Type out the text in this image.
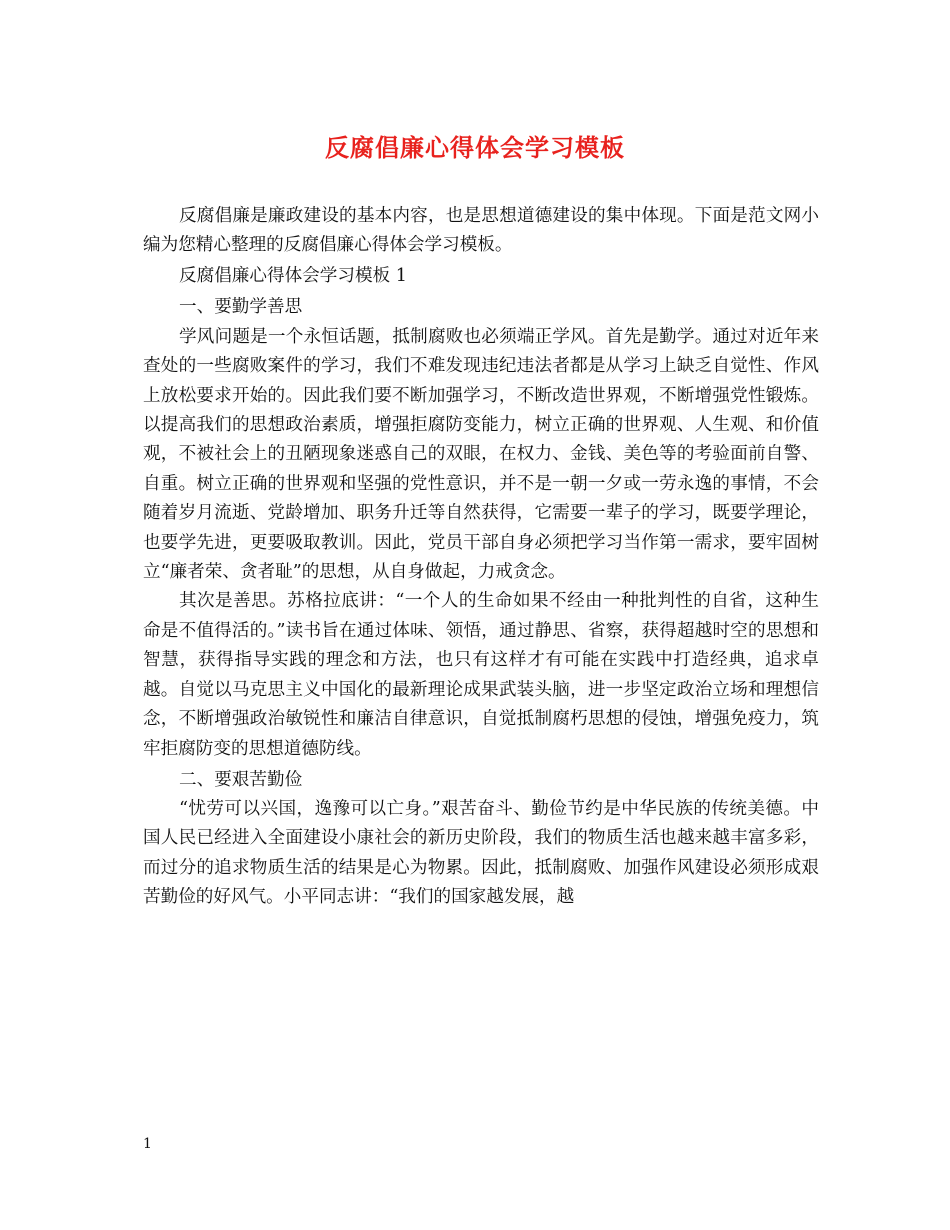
反腐倡廉心得体会学习模板

反腐倡廉是廉政建设的基本内容，也是思想道德建设的集中体现。下面是范文网小编为您精心整理的反腐倡廉心得体会学习模板。

反腐倡廉心得体会学习模板 1

一、要勤学善思

学风问题是一个永恒话题，抵制腐败也必须端正学风。首先是勤学。通过对近年来查处的一些腐败案件的学习，我们不难发现违纪违法者都是从学习上缺乏自觉性、作风上放松要求开始的。因此我们要不断加强学习，不断改造世界观，不断增强党性锻炼。以提高我们的思想政治素质，增强拒腐防变能力，树立正确的世界观、人生观、和价值观，不被社会上的丑陋现象迷惑自己的双眼，在权力、金钱、美色等的考验面前自警、自重。树立正确的世界观和坚强的党性意识，并不是一朝一夕或一劳永逸的事情，不会随着岁月流逝、党龄增加、职务升迁等自然获得，它需要一辈子的学习，既要学理论，也要学先进，更要吸取教训。因此，党员干部自身必须把学习当作第一需求，要牢固树立“廉者荣、贪者耻”的思想，从自身做起，力戒贪念。

其次是善思。苏格拉底讲：“一个人的生命如果不经由一种批判性的自省，这种生命是不值得活的。”读书旨在通过体味、领悟，通过静思、省察，获得超越时空的思想和智慧，获得指导实践的理念和方法，也只有这样才有可能在实践中打造经典，追求卓越。自觉以马克思主义中国化的最新理论成果武装头脑，进一步坚定政治立场和理想信念，不断增强政治敏锐性和廉洁自律意识，自觉抵制腐朽思想的侵蚀，增强免疫力，筑牢拒腐防变的思想道德防线。

二、要艰苦勤俭

“忧劳可以兴国，逸豫可以亡身。”艰苦奋斗、勤俭节约是中华民族的传统美德。中国人民已经进入全面建设小康社会的新历史阶段，我们的物质生活也越来越丰富多彩，而过分的追求物质生活的结果是心为物累。因此，抵制腐败、加强作风建设必须形成艰苦勤俭的好风气。小平同志讲：“我们的国家越发展，越

1
